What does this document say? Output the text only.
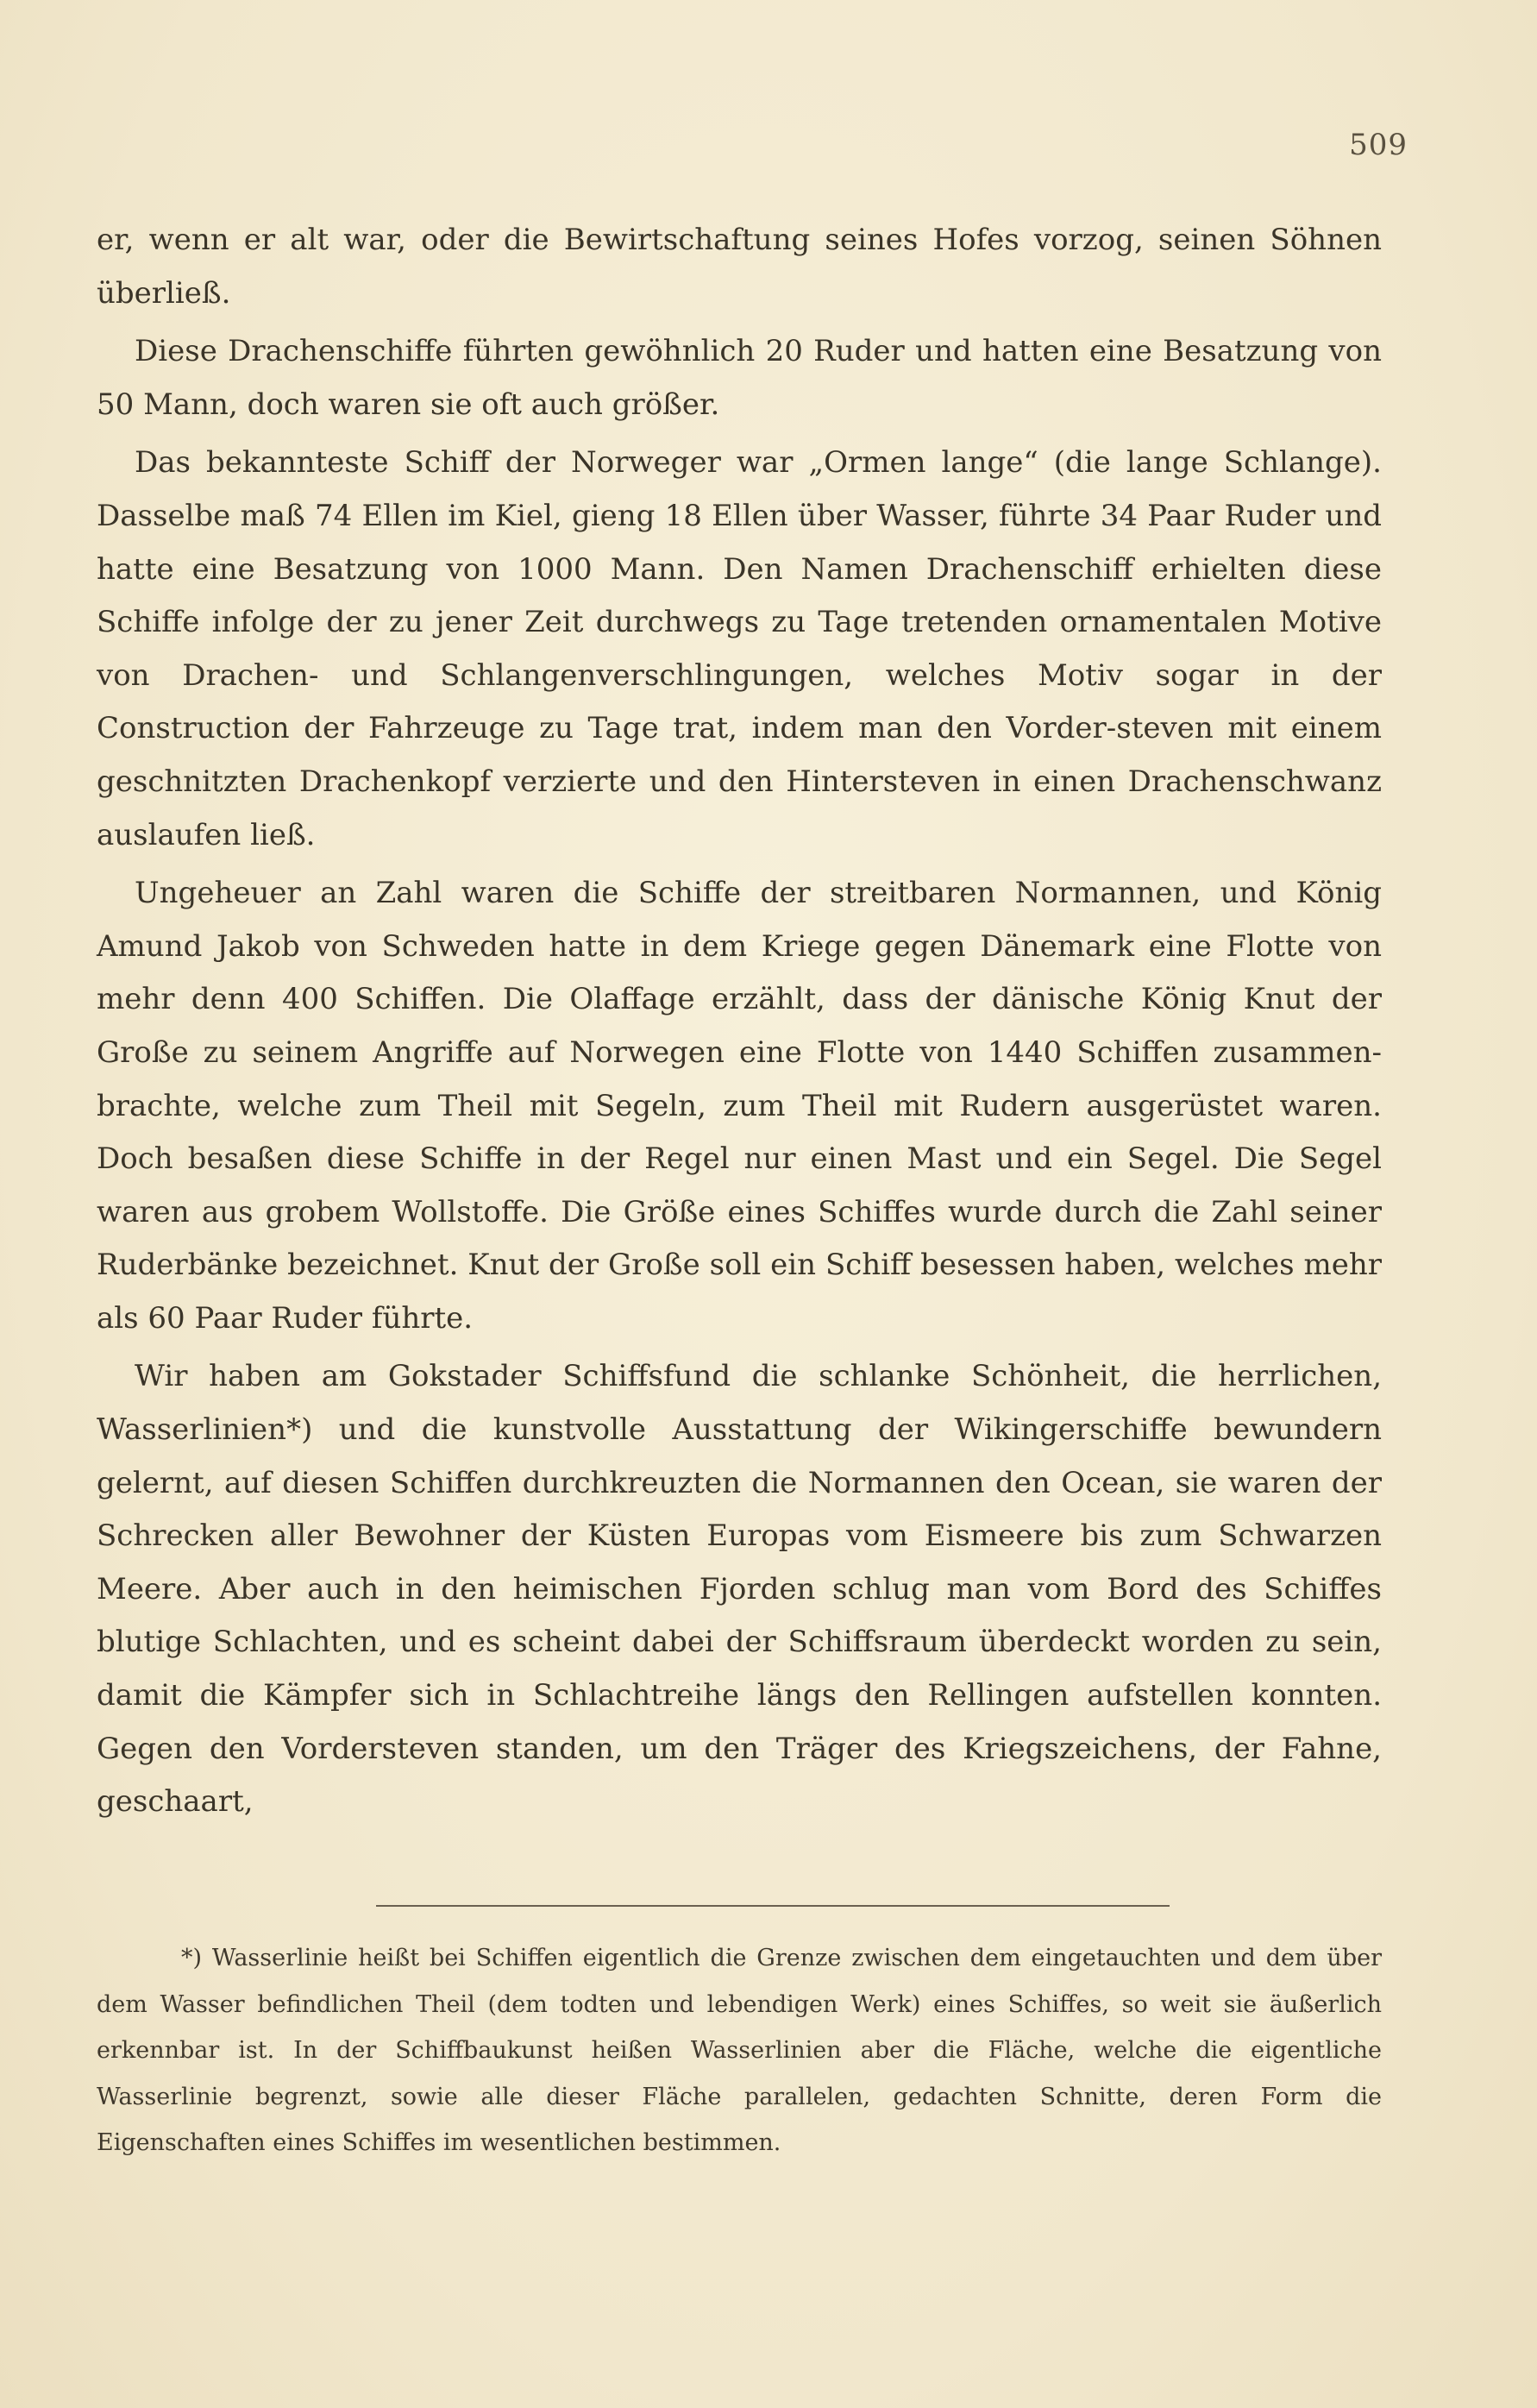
509

er, wenn er alt war, oder die Bewirtschaftung seines Hofes vorzog, seinen Söhnen überließ.

Diese Drachenschiffe führten gewöhnlich 20 Ruder und hatten eine Besatzung von 50 Mann, doch waren sie oft auch größer.

Das bekannteste Schiff der Norweger war „Ormen lange“ (die lange Schlange). Dasselbe maß 74 Ellen im Kiel, gieng 18 Ellen über Wasser, führte 34 Paar Ruder und hatte eine Besatzung von 1000 Mann. Den Namen Drachenschiff erhielten diese Schiffe infolge der zu jener Zeit durchwegs zu Tage tretenden ornamentalen Motive von Drachen- und Schlangenverschlingungen, welches Motiv sogar in der Construction der Fahrzeuge zu Tage trat, indem man den Vorder-steven mit einem geschnitzten Drachenkopf verzierte und den Hintersteven in einen Drachenschwanz auslaufen ließ.

Ungeheuer an Zahl waren die Schiffe der streitbaren Normannen, und König Amund Jakob von Schweden hatte in dem Kriege gegen Dänemark eine Flotte von mehr denn 400 Schiffen. Die Olaffage erzählt, dass der dänische König Knut der Große zu seinem Angriffe auf Norwegen eine Flotte von 1440 Schiffen zusammen-brachte, welche zum Theil mit Segeln, zum Theil mit Rudern ausgerüstet waren. Doch besaßen diese Schiffe in der Regel nur einen Mast und ein Segel. Die Segel waren aus grobem Wollstoffe. Die Größe eines Schiffes wurde durch die Zahl seiner Ruderbänke bezeichnet. Knut der Große soll ein Schiff besessen haben, welches mehr als 60 Paar Ruder führte.

Wir haben am Gokstader Schiffsfund die schlanke Schönheit, die herrlichen, Wasserlinien*) und die kunstvolle Ausstattung der Wikingerschiffe bewundern gelernt, auf diesen Schiffen durchkreuzten die Normannen den Ocean, sie waren der Schrecken aller Bewohner der Küsten Europas vom Eismeere bis zum Schwarzen Meere. Aber auch in den heimischen Fjorden schlug man vom Bord des Schiffes blutige Schlachten, und es scheint dabei der Schiffsraum überdeckt worden zu sein, damit die Kämpfer sich in Schlachtreihe längs den Rellingen aufstellen konnten. Gegen den Vordersteven standen, um den Träger des Kriegszeichens, der Fahne, geschaart,

*) Wasserlinie heißt bei Schiffen eigentlich die Grenze zwischen dem eingetauchten und dem über dem Wasser befindlichen Theil (dem todten und lebendigen Werk) eines Schiffes, so weit sie äußerlich erkennbar ist. In der Schiffbaukunst heißen Wasserlinien aber die Fläche, welche die eigentliche Wasserlinie begrenzt, sowie alle dieser Fläche parallelen, gedachten Schnitte, deren Form die Eigenschaften eines Schiffes im wesentlichen bestimmen.
